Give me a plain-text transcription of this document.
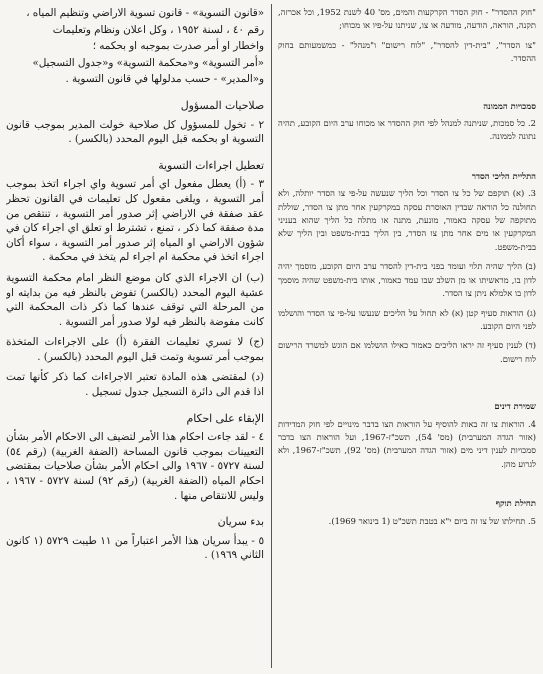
«قانون التسوية» - قانون تسوية الاراضي وتنظيم المياه ،

رقم ٤٠ ، لسنة ١٩٥٢ ، وكل اعلان ونظام وتعليمات

واخطار او أمر صدرت بموجبه او بحكمه ؛

«أمر التسوية» و«محكمة التسوية» و«جدول التسجيل»

و«المدير» - حسب مدلولها في قانون التسوية .

صلاحيات المسؤول

٢ - تخول للمسؤول كل صلاحية خولت المدير بموجب قانون التسوية او بحكمه قبل اليوم المحدد (بالكسر) .

تعطيل اجراءات التسوية

٣ - (أ) يعطل مفعول اي أمر تسوية واي اجراء اتخذ بموجب أمر التسوية ، ويلغى مفعول كل تعليمات في القانون تحظر عقد صفقة في الاراضي إثر صدور أمر التسوية ، تنتقص من مدة صفقة كما ذكر ، تمنع ، تشترط او تعلق اي اجراء كان في شؤون الاراضي او المياه إثر صدور أمر التسوية ، سواء أكان اجراء اتخذ في محكمة ام اجراء لم يتخذ في محكمة .

(ب) ان الاجراء الذي كان موضع النظر امام محكمة التسوية عشية اليوم المحدد (بالكسر) تفوض بالنظر فيه من بدايته او من المرحلة التي توقف عندها كما ذكر ذات المحكمة التي كانت مفوضة بالنظر فيه لولا صدور أمر التسوية .

(ج) لا تسري تعليمات الفقرة (أ) على الاجراءات المتخذة بموجب أمر تسوية وتمت قبل اليوم المحدد (بالكسر) .

(د) لمقتضى هذه المادة تعتبر الاجراءات كما ذكر كأنها تمت اذا قدم الى دائرة التسجيل جدول تسجيل .

الإبقاء على احكام

٤ - لقد جاءت احكام هذا الأمر لتضيف الى الاحكام الأمر بشأن التعيينات بموجب قانون المساحة (الضفة الغربية) (رقم ٥٤) لسنة ٥٧٢٧ - ١٩٦٧ والى احكام الأمر بشأن صلاحيات بمقتضى احكام المياه (الضفة الغربية) (رقم ٩٢) لسنة ٥٧٢٧ - ١٩٦٧ ، وليس للانتقاص منها .

بدء سريان

٥ - يبدأ سريان هذا الأمر اعتباراً من ١١ طيبت ٥٧٢٩ (١ كانون الثاني ١٩٦٩) .

"חוק ההסדר" - חוק הסדר הקרקעות והמים, מס' 40 לשנת 1952, וכל אכרזה, תקנה, הוראה, הודעה, מודעה או צו, שניתנו על-פיו או מכוחו;

"צו הסדר", "בית-דין להסדר", "לוח רישום" ו"מנהל" - כמשמעותם בחוק ההסדר.

סמכויות הממונה

2. כל סמכות, שניתנה למנהל לפי חוק ההסדר או מכוחו ערב היום הקובע, תהיה נתונה לממונה.

התליית הליכי הסדר

3. (א) תוקפם של כל צו הסדר וכל הליך שנעשה על-פי צו הסדר יותלה, ולא תחולנה כל הוראה שבדין האוסרת עסקה במקרקעין אחר מתן צו הסדר, שוללת מתוקפה של עסקה כאמור, מונעת, מתנה או מתלה כל הליך שהוא בעניני המקרקעין או מים אחר מתן צו הסדר, בין הליך בבית-משפט ובין הליך שלא בבית-משפט.

(ב) הליך שהיה תלוי ועומד בפני בית-דין להסדר ערב היום הקובע, מוסמך יהיה לדון בו, מראשיתו או מן השלב שבו עמד כאמור, אותו בית-משפט שהיה מוסמך לדון בו אלמלא ניתן צו הסדר.

(ג) הוראות סעיף קטן (א) לא תחול על הליכים שנעשו על-פי צו הסדר והושלמו לפני היום הקובע.

(ד) לענין סעיף זה יראו הליכים כאמור כאילו הושלמו אם הוגש למשרד הרישום לוח רישום.

שמירת דינים

4. הוראות צו זה באות להוסיף על הוראות הצו בדבר מינויים לפי חוק המדידות (אזור הגדה המערבית) (מס' 54), תשכ"ז-1967, ועל הוראות הצו בדבר סמכויות לענין דיני מים (אזור הגדה המערבית) (מס' 92), תשכ"ז-1967, ולא לגרוע מהן.

תחילת תוקף

5. תחילתו של צו זה ביום י"א בטבת תשכ"ט (1 בינואר 1969).
